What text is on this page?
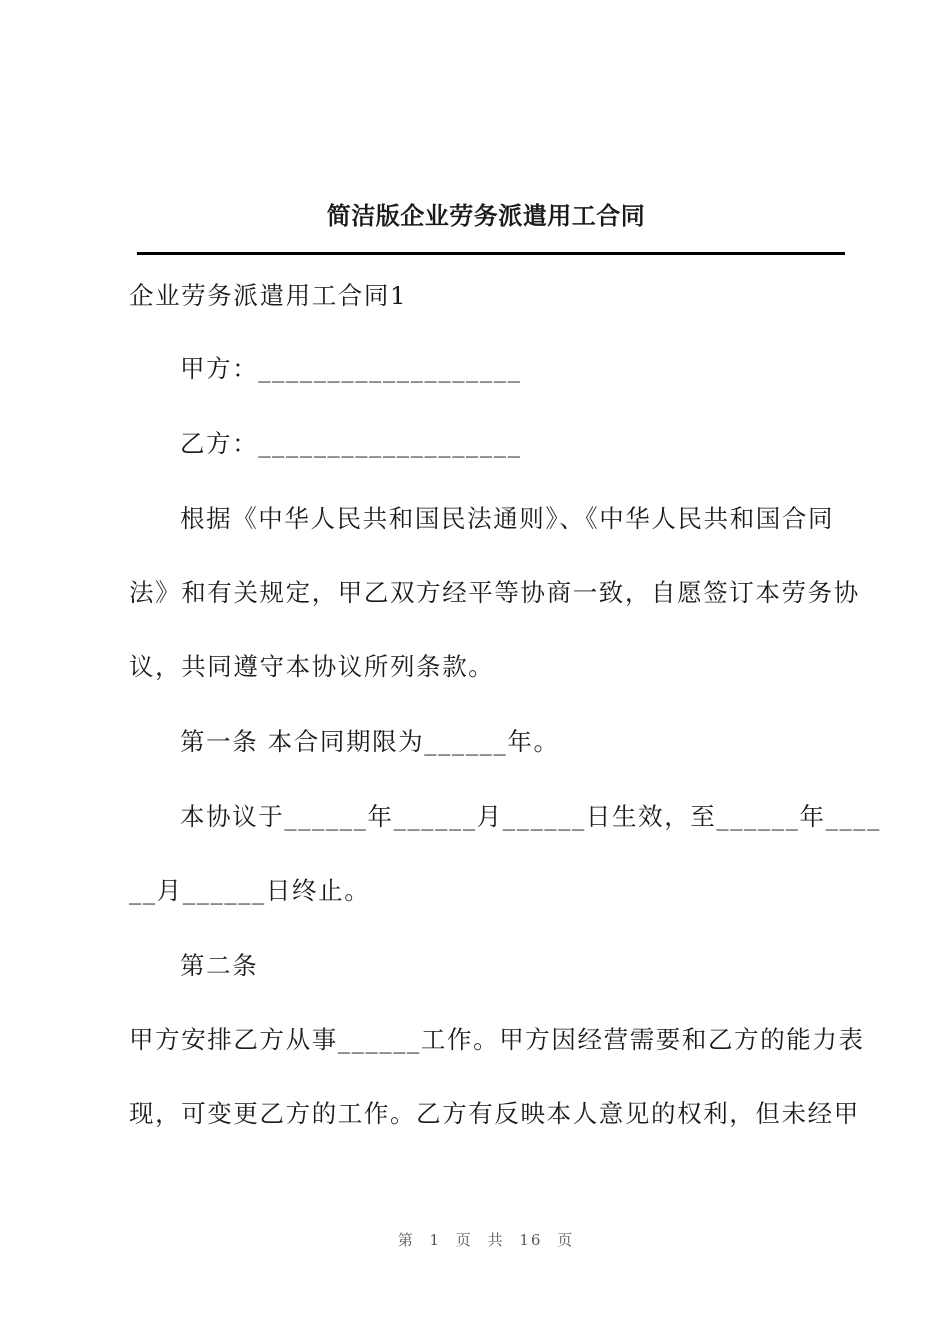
简洁版企业劳务派遣用工合同
企业劳务派遣用工合同1
甲方：___________________
乙方：___________________
根据《中华人民共和国民法通则》、《中华人民共和国合同
法》和有关规定，甲乙双方经平等协商一致，自愿签订本劳务协
议，共同遵守本协议所列条款。
第一条 本合同期限为______年。
本协议于______年______月______日生效，至______年____
__月______日终止。
第二条
甲方安排乙方从事______工作。甲方因经营需要和乙方的能力表
现，可变更乙方的工作。乙方有反映本人意见的权利，但未经甲
第 1 页 共 16 页
